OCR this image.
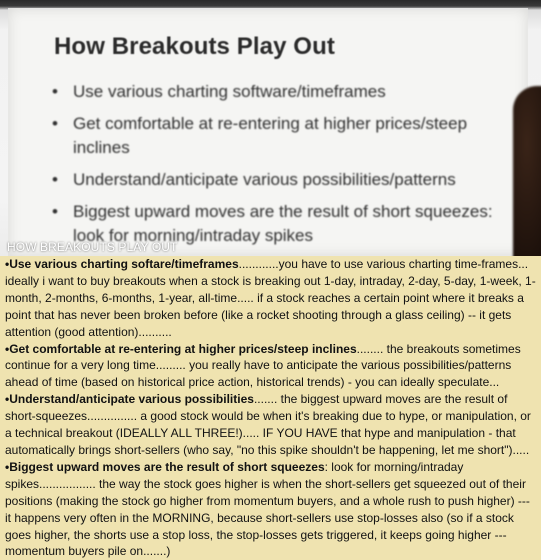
How Breakouts Play Out
• Use various charting software/timeframes
• Get comfortable at re-entering at higher prices/steep inclines
• Understand/anticipate various possibilities/patterns
• Biggest upward moves are the result of short squeezes: look for morning/intraday spikes
HOW BREAKOUTS PLAY OUT

•Use various charting softare/timeframes............you have to use various charting time-frames... ideally i want to buy breakouts when a stock is breaking out 1-day, intraday, 2-day, 5-day, 1-week, 1-month, 2-months, 6-months, 1-year, all-time..... if a stock reaches a certain point where it breaks a point that has never been broken before (like a rocket shooting through a glass ceiling) -- it gets attention (good attention)..........

•Get comfortable at re-entering at higher prices/steep inclines........ the breakouts sometimes continue for a very long time......... you really have to anticipate the various possibilities/patterns ahead of time (based on historical price action, historical trends) - you can ideally speculate...

•Understand/anticipate various possibilities....... the biggest upward moves are the result of short-squeezes............... a good stock would be when it's breaking due to hype, or manipulation, or a technical breakout (IDEALLY ALL THREE!)..... IF YOU HAVE that hype and manipulation - that automatically brings short-sellers (who say, "no this spike shouldn't be happening, let me short").....

•Biggest upward moves are the result of short squeezes: look for morning/intraday spikes................. the way the stock goes higher is when the short-sellers get squeezed out of their positions (making the stock go higher from momentum buyers, and a whole rush to push higher) --- it happens very often in the MORNING, because short-sellers use stop-losses also (so if a stock goes higher, the shorts use a stop loss, the stop-losses gets triggered, it keeps going higher --- momentum buyers pile on.......)
